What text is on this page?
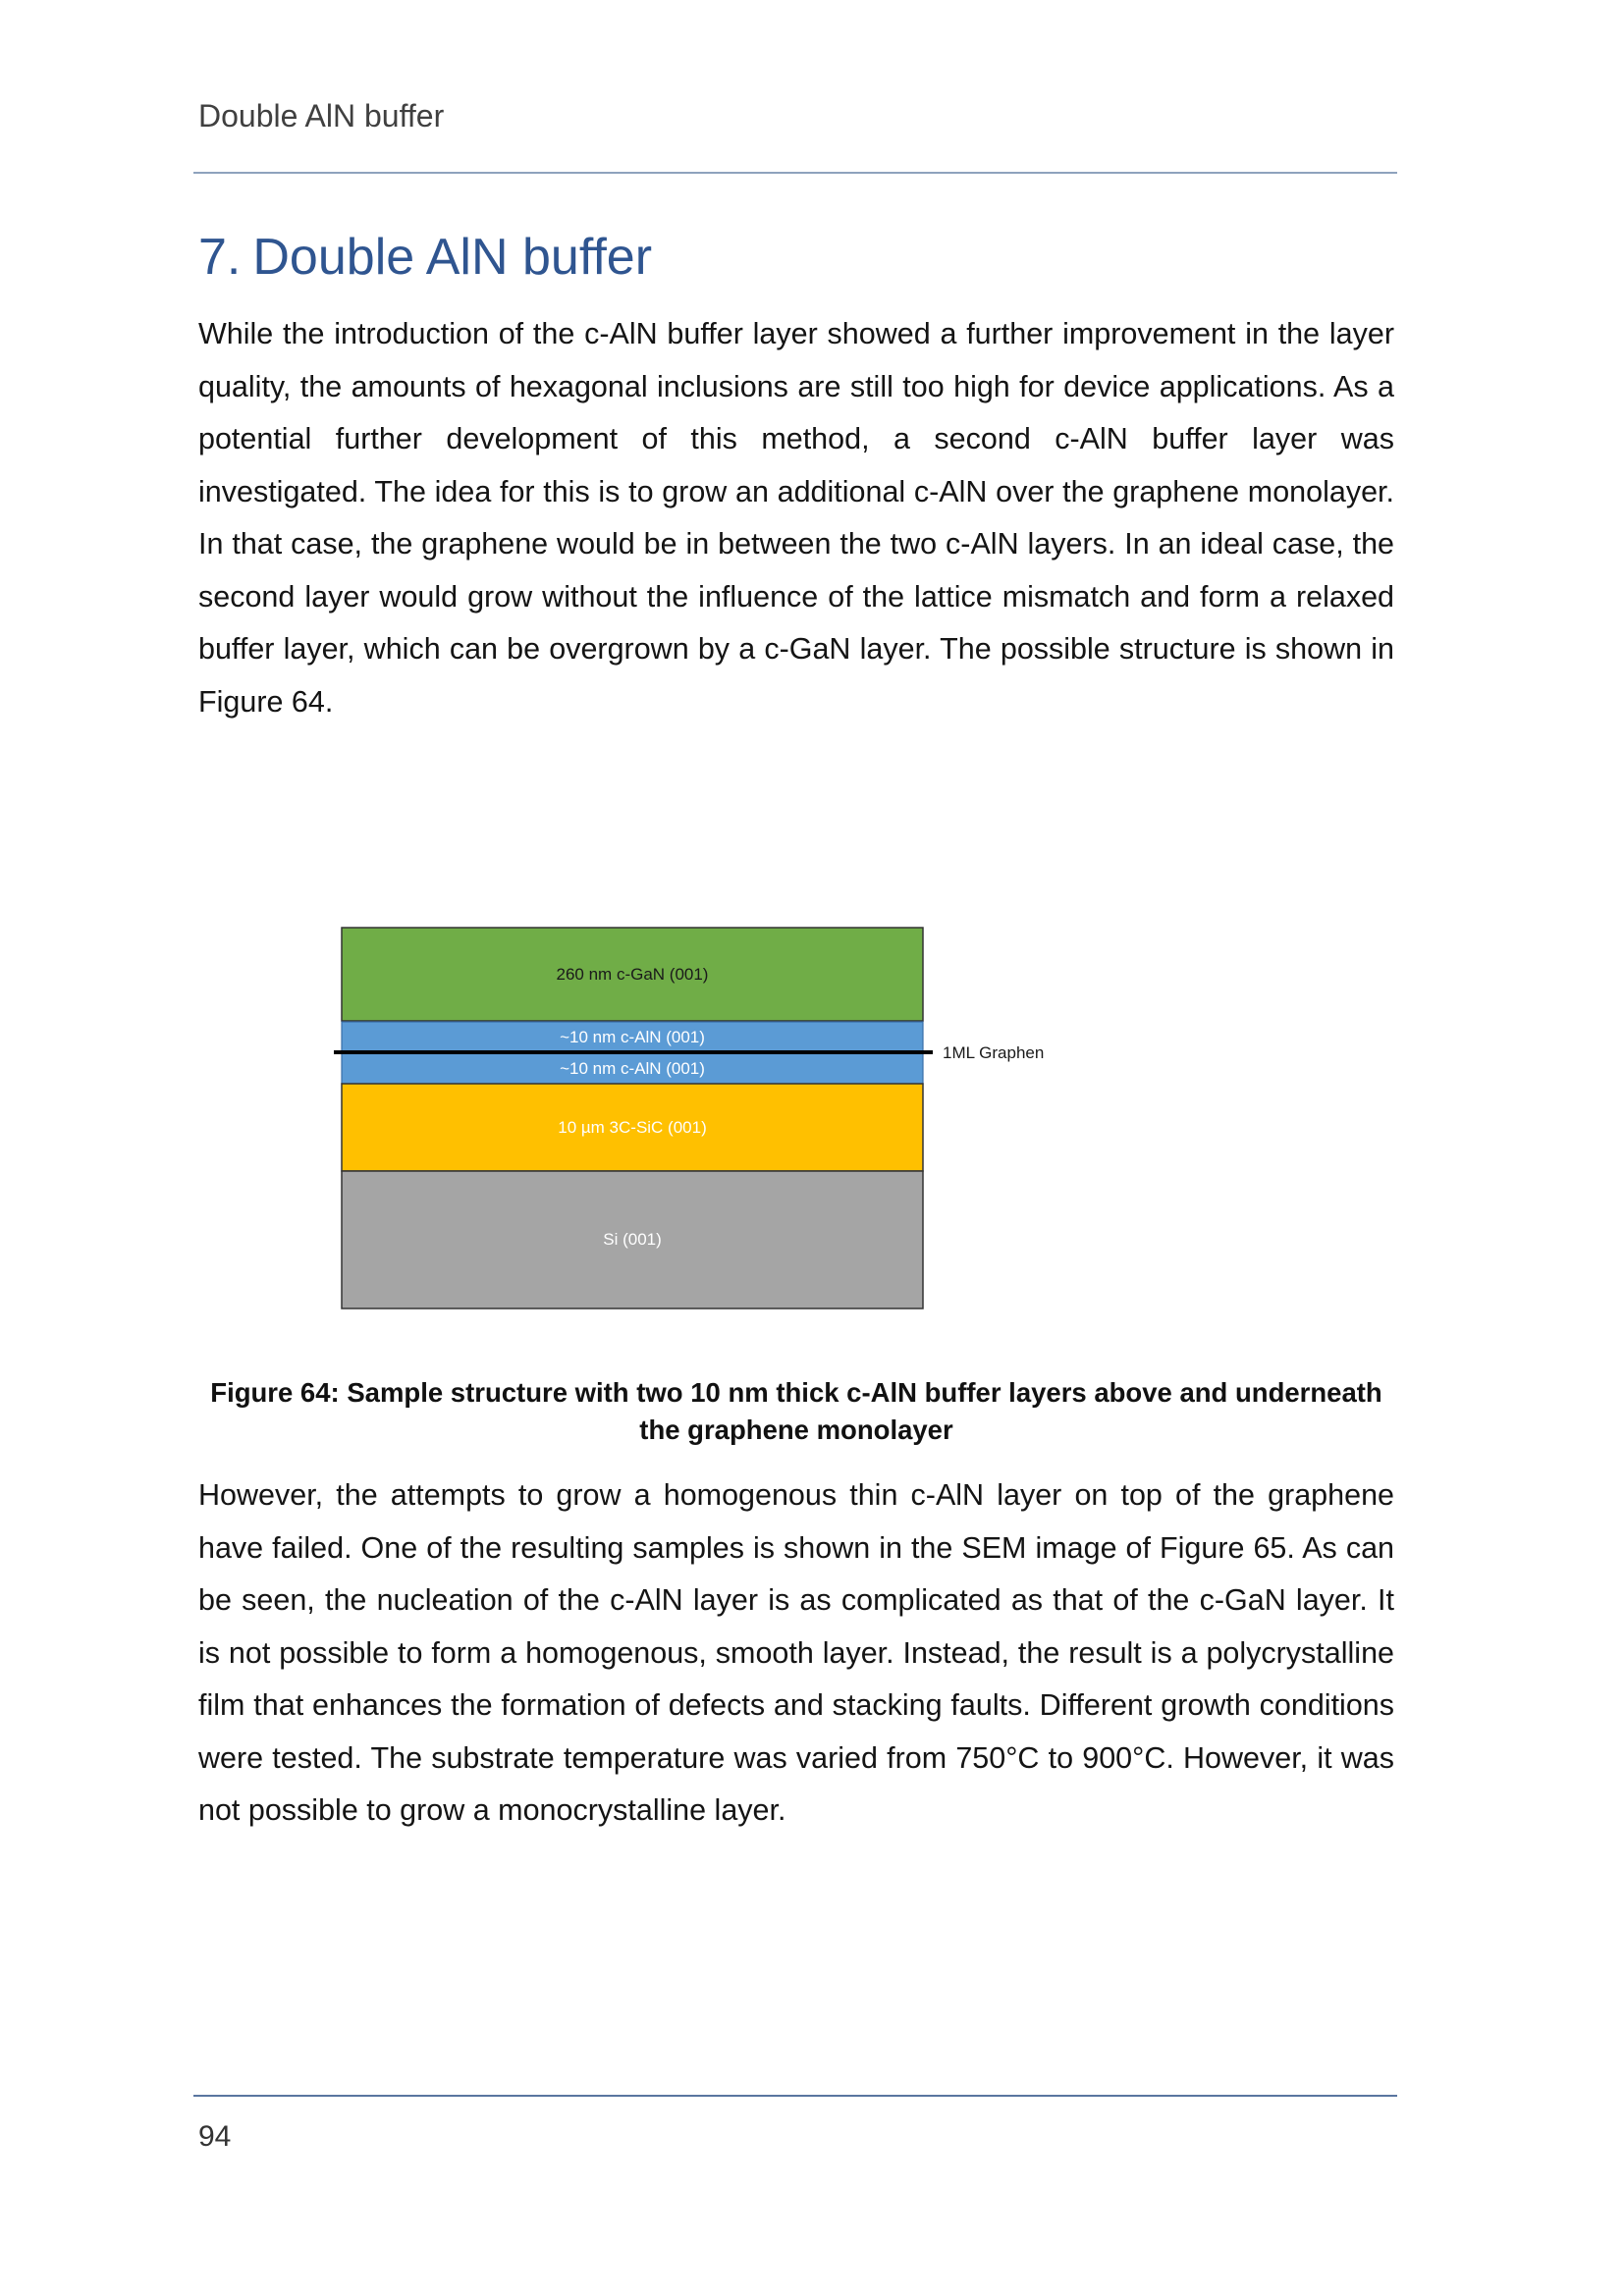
Double AlN buffer
7. Double AlN buffer

While the introduction of the c-AlN buffer layer showed a further improvement in the layer quality, the amounts of hexagonal inclusions are still too high for device applications. As a potential further development of this method, a second c-AlN buffer layer was investigated. The idea for this is to grow an additional c-AlN over the graphene monolayer. In that case, the graphene would be in between the two c-AlN layers. In an ideal case, the second layer would grow without the influence of the lattice mismatch and form a relaxed buffer layer, which can be overgrown by a c-GaN layer. The possible structure is shown in Figure 64.

260 nm c-GaN (001)
~10 nm c-AlN (001)
~10 nm c-AlN (001)
10 µm 3C-SiC (001)
Si (001)
1ML Graphen

Figure 64: Sample structure with two 10 nm thick c-AlN buffer layers above and underneath
the graphene monolayer

However, the attempts to grow a homogenous thin c-AlN layer on top of the graphene have failed. One of the resulting samples is shown in the SEM image of Figure 65. As can be seen, the nucleation of the c-AlN layer is as complicated as that of the c-GaN layer. It is not possible to form a homogenous, smooth layer. Instead, the result is a polycrystalline film that enhances the formation of defects and stacking faults. Different growth conditions were tested. The substrate temperature was varied from 750°C to 900°C. However, it was not possible to grow a monocrystalline layer.

94
